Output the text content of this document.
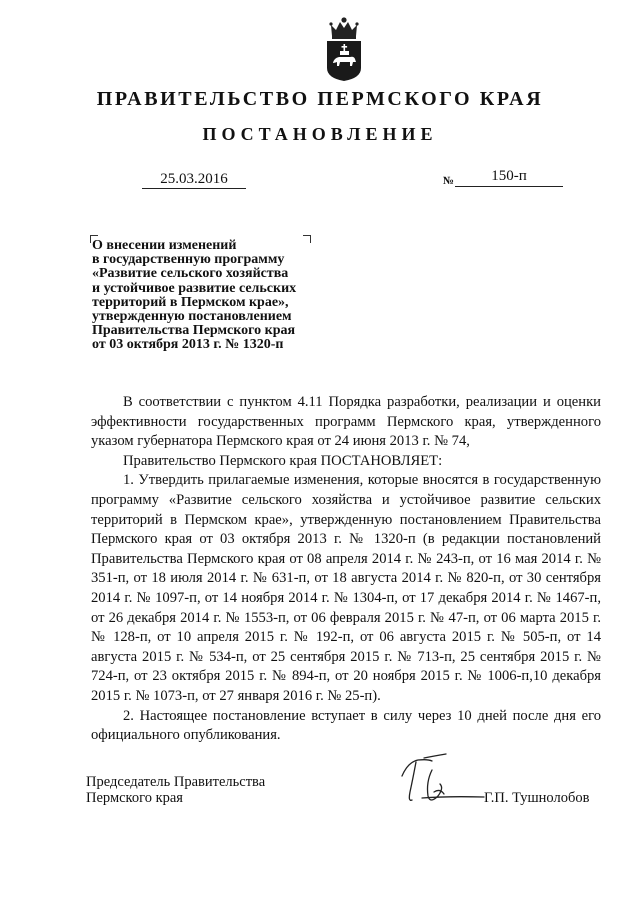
ПРАВИТЕЛЬСТВО ПЕРМСКОГО КРАЯ
ПОСТАНОВЛЕНИЕ
25.03.2016	№	150-п
О внесении изменений
в государственную программу
«Развитие сельского хозяйства
и устойчивое развитие сельских
территорий в Пермском крае»,
утвержденную постановлением
Правительства Пермского края
от 03 октября 2013 г. № 1320-п

В соответствии с пунктом 4.11 Порядка разработки, реализации и оценки эффективности государственных программ Пермского края, утвержденного указом губернатора Пермского края от 24 июня 2013 г. № 74,

Правительство Пермского края ПОСТАНОВЛЯЕТ:

1. Утвердить прилагаемые изменения, которые вносятся в государственную программу «Развитие сельского хозяйства и устойчивое развитие сельских территорий в Пермском крае», утвержденную постановлением Правительства Пермского края от 03 октября 2013 г. № 1320-п (в редакции постановлений Правительства Пермского края от 08 апреля 2014 г. № 243-п, от 16 мая 2014 г. № 351-п, от 18 июля 2014 г. № 631-п, от 18 августа 2014 г. № 820-п, от 30 сентября 2014 г. № 1097-п, от 14 ноября 2014 г. № 1304-п, от 17 декабря 2014 г. № 1467-п, от 26 декабря 2014 г. № 1553-п, от 06 февраля 2015 г. № 47-п, от 06 марта 2015 г. № 128-п, от 10 апреля 2015 г. № 192-п, от 06 августа 2015 г. № 505-п, от 14 августа 2015 г. № 534-п, от 25 сентября 2015 г. № 713-п, 25 сентября 2015 г. № 724-п, от 23 октября 2015 г. № 894-п, от 20 ноября 2015 г. № 1006-п,10 декабря 2015 г. № 1073-п, от 27 января 2016 г. № 25-п).

2. Настоящее постановление вступает в силу через 10 дней после дня его официального опубликования.

Председатель Правительства
Пермского края	Г.П. Тушнолобов
